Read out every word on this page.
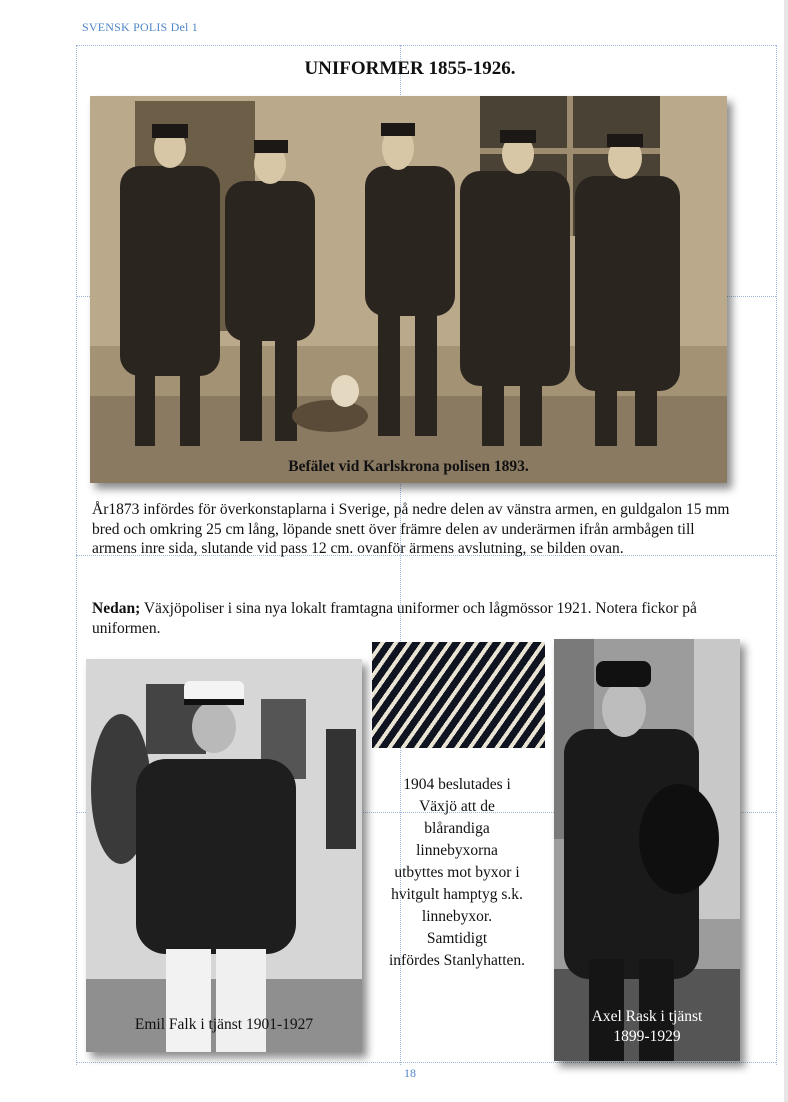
SVENSK POLIS Del 1
UNIFORMER 1855-1926.
Befälet vid Karlskrona polisen 1893.
År1873 infördes för överkonstaplarna i Sverige, på nedre delen av vänstra armen, en guldgalon 15 mm bred och omkring 25 cm lång, löpande snett över främre delen av underärmen ifrån armbågen till armens inre sida, slutande vid pass 12 cm. ovanför ärmens avslutning, se bilden ovan.
Nedan; Växjöpoliser i sina nya lokalt framtagna uniformer och lågmössor 1921. Notera fickor på uniformen.
Emil Falk i tjänst 1901-1927
1904 beslutades i
Växjö att de
blårandiga
linnebyxorna
utbyttes mot byxor i
hvitgult hamptyg s.k.
linnebyxor.
Samtidigt
infördes Stanlyhatten.
Axel Rask i tjänst
1899-1929
18
